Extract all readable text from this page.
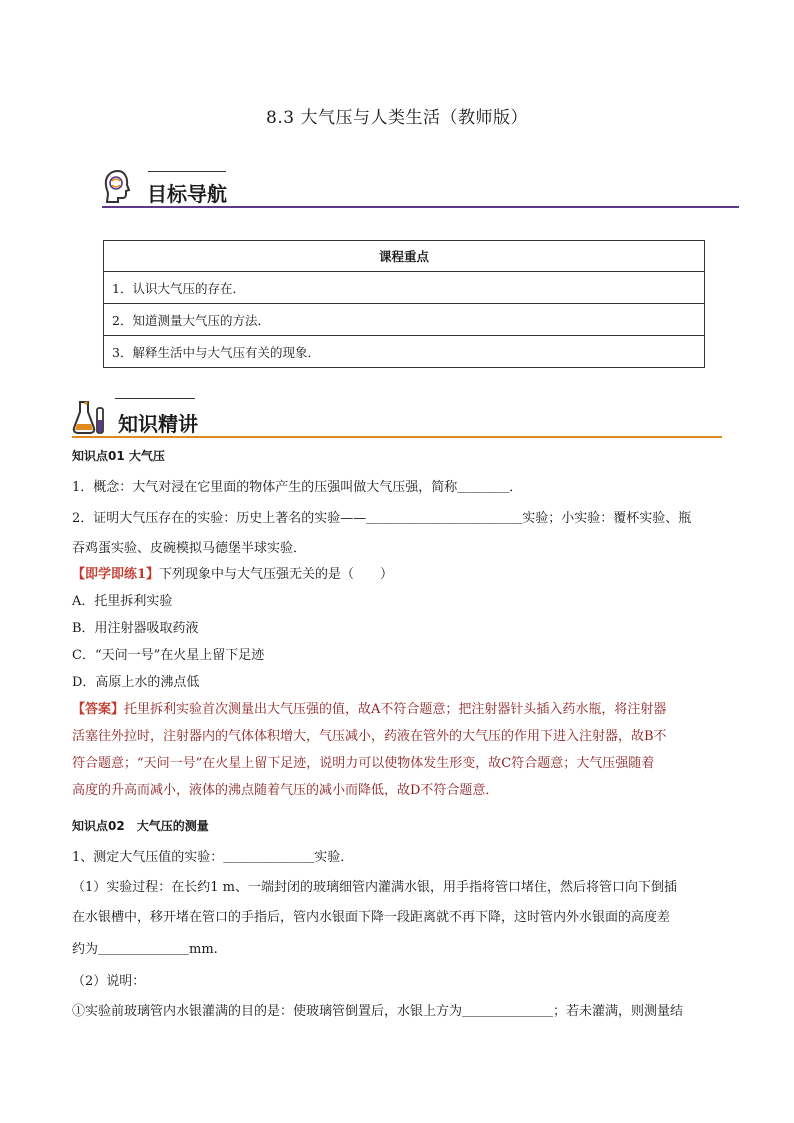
8.3 大气压与人类生活（教师版）
目标导航
课程重点
1．认识大气压的存在．
2．知道测量大气压的方法．
3．解释生活中与大气压有关的现象．
知识精讲
知识点01 大气压
1．概念：大气对浸在它里面的物体产生的压强叫做大气压强，简称＿＿＿＿．
2．证明大气压存在的实验：历史上著名的实验——＿＿＿＿＿＿＿＿＿＿＿＿实验；小实验：覆杯实验、瓶
吞鸡蛋实验、皮碗模拟马德堡半球实验．
【即学即练1】下列现象中与大气压强无关的是（　　）
A．托里拆利实验
B．用注射器吸取药液
C．“天问一号”在火星上留下足迹
D．高原上水的沸点低
【答案】托里拆利实验首次测量出大气压强的值，故A不符合题意；把注射器针头插入药水瓶，将注射器
活塞往外拉时，注射器内的气体体积增大，气压减小，药液在管外的大气压的作用下进入注射器，故B不
符合题意；“天问一号”在火星上留下足迹，说明力可以使物体发生形变，故C符合题意；大气压强随着
高度的升高而减小，液体的沸点随着气压的减小而降低，故D不符合题意．
知识点02　大气压的测量
1、测定大气压值的实验：＿＿＿＿＿＿＿实验．
（1）实验过程：在长约1 m、一端封闭的玻璃细管内灌满水银，用手指将管口堵住，然后将管口向下倒插
在水银槽中，移开堵在管口的手指后，管内水银面下降一段距离就不再下降，这时管内外水银面的高度差
约为＿＿＿＿＿＿＿mm.
（2）说明：
①实验前玻璃管内水银灌满的目的是：使玻璃管倒置后，水银上方为＿＿＿＿＿＿＿；若未灌满，则测量结
